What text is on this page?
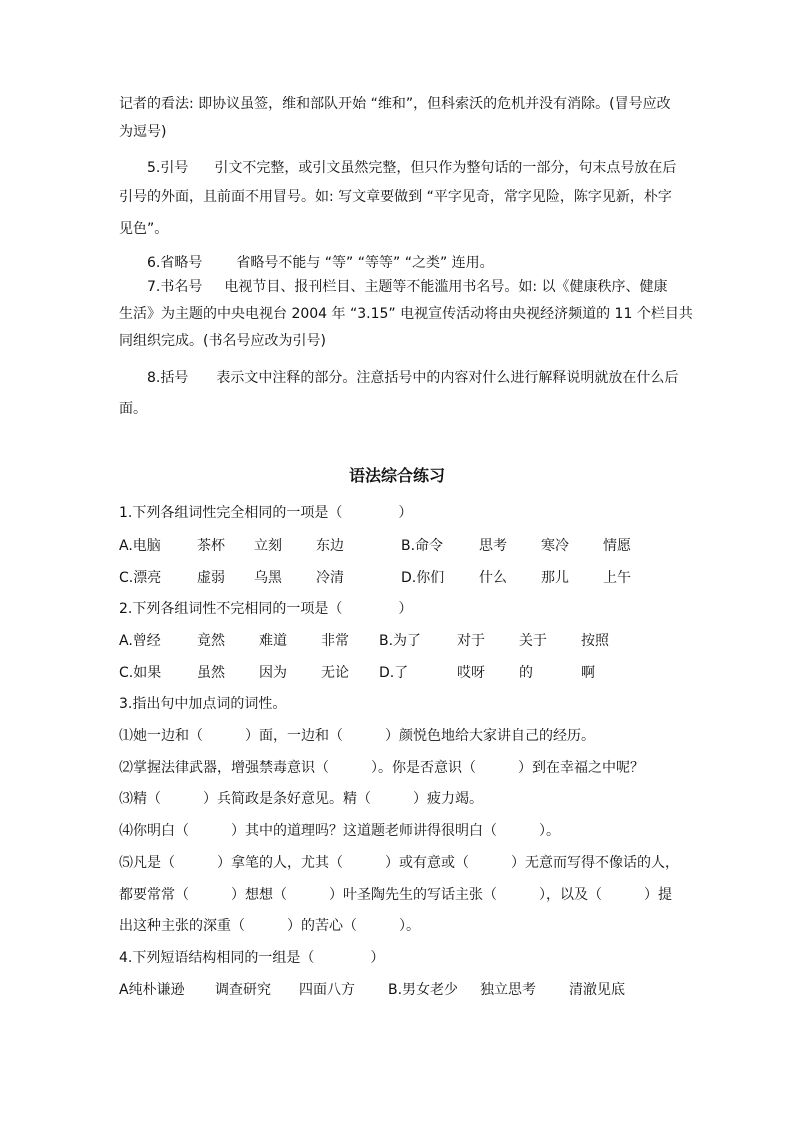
记者的看法: 即协议虽签，维和部队开始 “维和”，但科索沃的危机并没有消除。(冒号应改
为逗号)
5.引号 引文不完整，或引文虽然完整，但只作为整句话的一部分，句末点号放在后
引号的外面，且前面不用冒号。如: 写文章要做到 “平字见奇，常字见险，陈字见新，朴字
见色”。
6.省略号 省略号不能与 “等” “等等” “之类” 连用。
7.书名号 电视节目、报刊栏目、主题等不能滥用书名号。如: 以《健康秩序、健康
生活》为主题的中央电视台 2004 年 “3.15” 电视宣传活动将由央视经济频道的 11 个栏目共
同组织完成。(书名号应改为引号)
8.括号 表示文中注释的部分。注意括号中的内容对什么进行解释说明就放在什么后
面。
语法综合练习
1.下列各组词性完全相同的一项是（　　　　）
A.电脑	茶杯 立刻 东边	B.命令	思考 寒冷 情愿
C.漂亮	虚弱 乌黑 冷清	D.你们 什么 那儿 上午
2.下列各组词性不完相同的一项是（　　　　）
A.曾经	竟然 难道 非常 B.为了	对于 关于 按照
C.如果	虽然 因为 无论 D.了	哎呀 的	啊
3.指出句中加点词的词性。
⑴她一边和（　　　）面，一边和（　　　）颜悦色地给大家讲自己的经历。
⑵掌握法律武器，增强禁毒意识（　　　）。你是否意识（　　　）到在幸福之中呢？
⑶精（　　　）兵简政是条好意见。精（　　　）疲力竭。
⑷你明白（　　　）其中的道理吗？这道题老师讲得很明白（　　　）。
⑸凡是（　　　）拿笔的人，尤其（　　　）或有意或（　　　）无意而写得不像话的人，
都要常常（　　　）想想（　　　）叶圣陶先生的写话主张（　　　），以及（　　　）提
出这种主张的深重（　　　）的苦心（　　　）。
4.下列短语结构相同的一组是（　　　　）
A纯朴谦逊 调查研究 四面八方 B.男女老少 独立思考 清澈见底
